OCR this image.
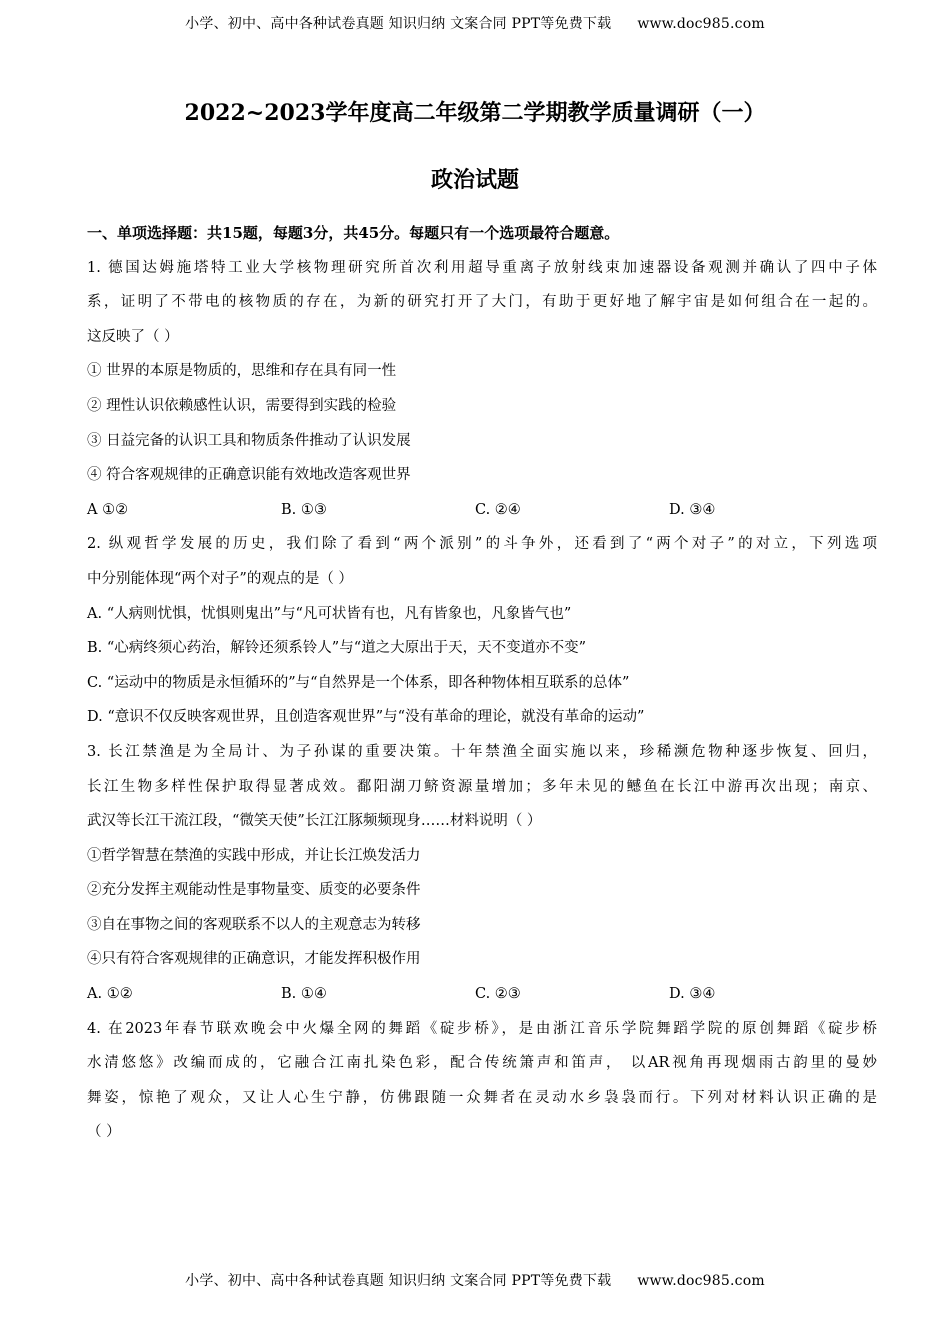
小学、初中、高中各种试卷真题 知识归纳 文案合同 PPT等免费下载 www.doc985.com
2022~2023学年度高二年级第二学期教学质量调研（一）
政治试题
一、单项选择题：共15题，每题3分，共45分。每题只有一个选项最符合题意。
1. 德国达姆施塔特工业大学核物理研究所首次利用超导重离子放射线束加速器设备观测并确认了四中子体
系，证明了不带电的核物质的存在，为新的研究打开了大门，有助于更好地了解宇宙是如何组合在一起的。
这反映了（ ）
① 世界的本原是物质的，思维和存在具有同一性
② 理性认识依赖感性认识，需要得到实践的检验
③ 日益完备的认识工具和物质条件推动了认识发展
④ 符合客观规律的正确意识能有效地改造客观世界
A ①②	B. ①③	C. ②④	D. ③④
2. 纵观哲学发展的历史，我们除了看到“两个派别”的斗争外，还看到了“两个对子”的对立，下列选项
中分别能体现“两个对子”的观点的是（ ）
A. “人病则忧惧，忧惧则鬼出”与“凡可状皆有也，凡有皆象也，凡象皆气也”
B. “心病终须心药治，解铃还须系铃人”与“道之大原出于天，天不变道亦不变”
C. “运动中的物质是永恒循环的”与“自然界是一个体系，即各种物体相互联系的总体”
D. “意识不仅反映客观世界，且创造客观世界”与“没有革命的理论，就没有革命的运动”
3. 长江禁渔是为全局计、为子孙谋的重要决策。十年禁渔全面实施以来，珍稀濒危物种逐步恢复、回归，
长江生物多样性保护取得显著成效。鄱阳湖刀鲚资源量增加；多年未见的鳡鱼在长江中游再次出现；南京、
武汉等长江干流江段，“微笑天使”长江江豚频频现身……材料说明（ ）
①哲学智慧在禁渔的实践中形成，并让长江焕发活力
②充分发挥主观能动性是事物量变、质变的必要条件
③自在事物之间的客观联系不以人的主观意志为转移
④只有符合客观规律的正确意识，才能发挥积极作用
A. ①②	B. ①④	C. ②③	D. ③④
4. 在2023年春节联欢晚会中火爆全网的舞蹈《碇步桥》，是由浙江音乐学院舞蹈学院的原创舞蹈《碇步桥
水清悠悠》改编而成的，它融合江南扎染色彩，配合传统箫声和笛声， 以AR视角再现烟雨古韵里的曼妙
舞姿，惊艳了观众，又让人心生宁静，仿佛跟随一众舞者在灵动水乡袅袅而行。下列对材料认识正确的是
（ ）
小学、初中、高中各种试卷真题 知识归纳 文案合同 PPT等免费下载 www.doc985.com
